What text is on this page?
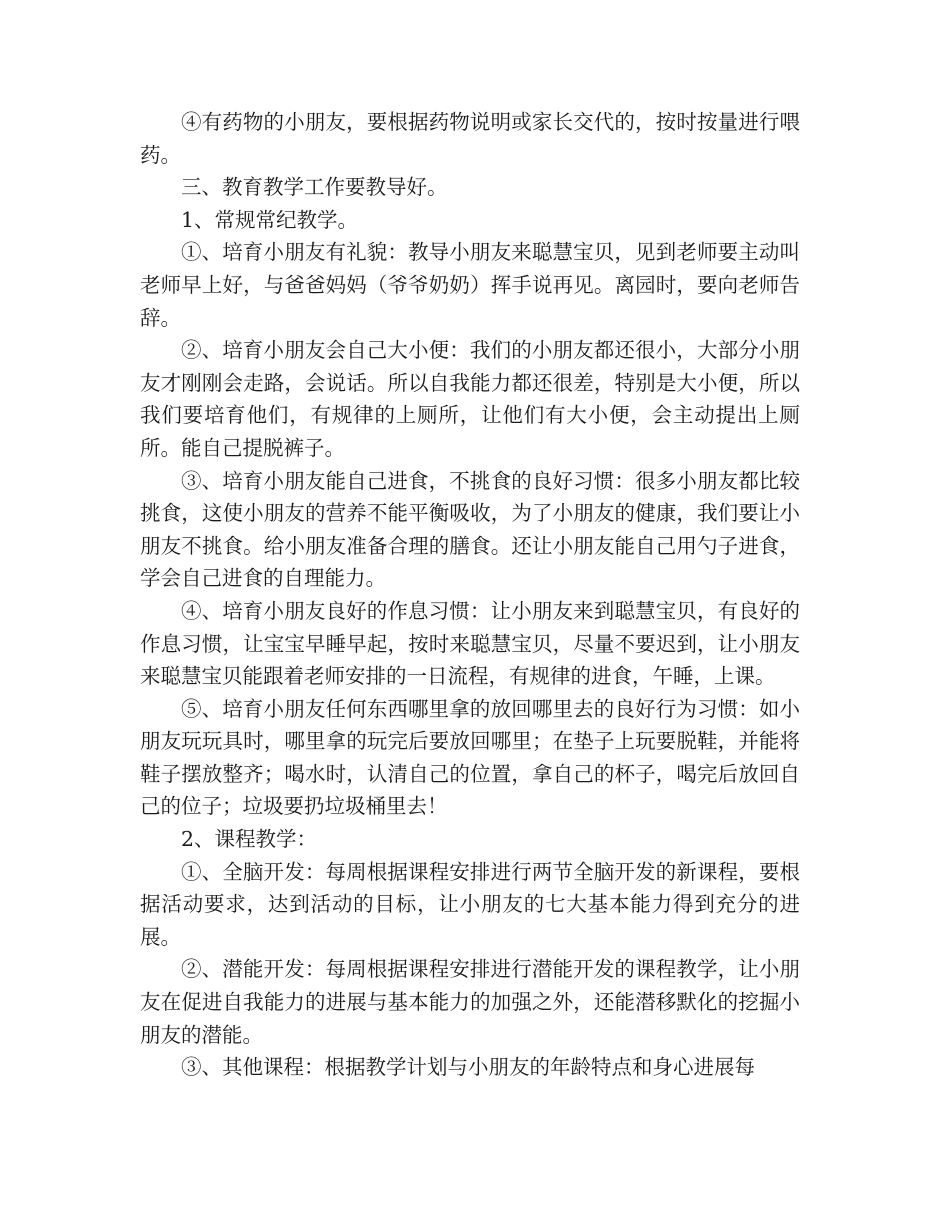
④有药物的小朋友，要根据药物说明或家长交代的，按时按量进行喂药。

三、教育教学工作要教导好。

1、常规常纪教学。

①、培育小朋友有礼貌：教导小朋友来聪慧宝贝，见到老师要主动叫老师早上好，与爸爸妈妈（爷爷奶奶）挥手说再见。离园时，要向老师告辞。

②、培育小朋友会自己大小便：我们的小朋友都还很小，大部分小朋友才刚刚会走路，会说话。所以自我能力都还很差，特别是大小便，所以我们要培育他们，有规律的上厕所，让他们有大小便，会主动提出上厕所。能自己提脱裤子。

③、培育小朋友能自己进食，不挑食的良好习惯：很多小朋友都比较挑食，这使小朋友的营养不能平衡吸收，为了小朋友的健康，我们要让小朋友不挑食。给小朋友准备合理的膳食。还让小朋友能自己用勺子进食，学会自己进食的自理能力。

④、培育小朋友良好的作息习惯：让小朋友来到聪慧宝贝，有良好的作息习惯，让宝宝早睡早起，按时来聪慧宝贝，尽量不要迟到，让小朋友来聪慧宝贝能跟着老师安排的一日流程，有规律的进食，午睡，上课。

⑤、培育小朋友任何东西哪里拿的放回哪里去的良好行为习惯：如小朋友玩玩具时，哪里拿的玩完后要放回哪里；在垫子上玩要脱鞋，并能将鞋子摆放整齐；喝水时，认清自己的位置，拿自己的杯子，喝完后放回自己的位子；垃圾要扔垃圾桶里去！

2、课程教学：

①、全脑开发：每周根据课程安排进行两节全脑开发的新课程，要根据活动要求，达到活动的目标，让小朋友的七大基本能力得到充分的进展。

②、潜能开发：每周根据课程安排进行潜能开发的课程教学，让小朋友在促进自我能力的进展与基本能力的加强之外，还能潜移默化的挖掘小朋友的潜能。

③、其他课程：根据教学计划与小朋友的年龄特点和身心进展每
